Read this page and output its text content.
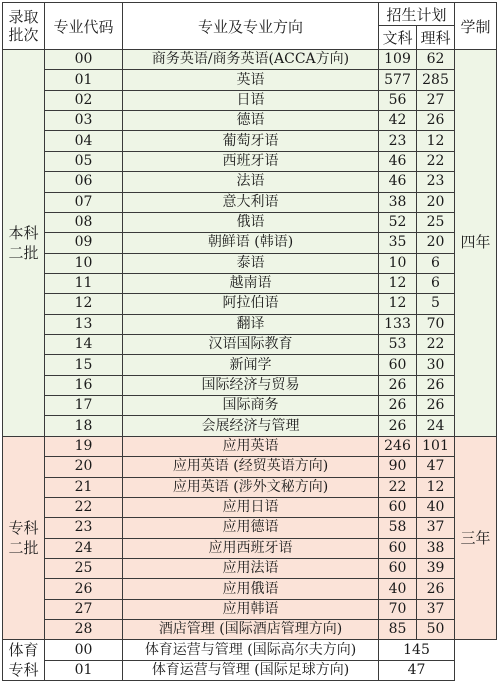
录取
批次	专业代码	专业及专业方向	招生计划		学制
			文科	理科	
本科
二批	00	商务英语/商务英语(ACCA方向)	109	62	四年
	01	英语	577	285	
	02	日语	56	27	
	03	德语	42	26	
	04	葡萄牙语	23	12	
	05	西班牙语	46	22	
	06	法语	46	23	
	07	意大利语	38	20	
	08	俄语	52	25	
	09	朝鲜语 (韩语)	35	20	
	10	泰语	10	6	
	11	越南语	12	6	
	12	阿拉伯语	12	5	
	13	翻译	133	70	
	14	汉语国际教育	53	22	
	15	新闻学	60	30	
	16	国际经济与贸易	26	26	
	17	国际商务	26	26	
	18	会展经济与管理	26	24	
专科
二批	19	应用英语	246	101	三年
	20	应用英语 (经贸英语方向)	90	47	
	21	应用英语 (涉外文秘方向)	22	12	
	22	应用日语	60	40	
	23	应用德语	58	37	
	24	应用西班牙语	60	38	
	25	应用法语	60	39	
	26	应用俄语	40	26	
	27	应用韩语	70	37	
	28	酒店管理 (国际酒店管理方向)	85	50	
体育
专科	00	体育运营与管理 (国际高尔夫方向)	145		
	01	体育运营与管理 (国际足球方向)	47		
